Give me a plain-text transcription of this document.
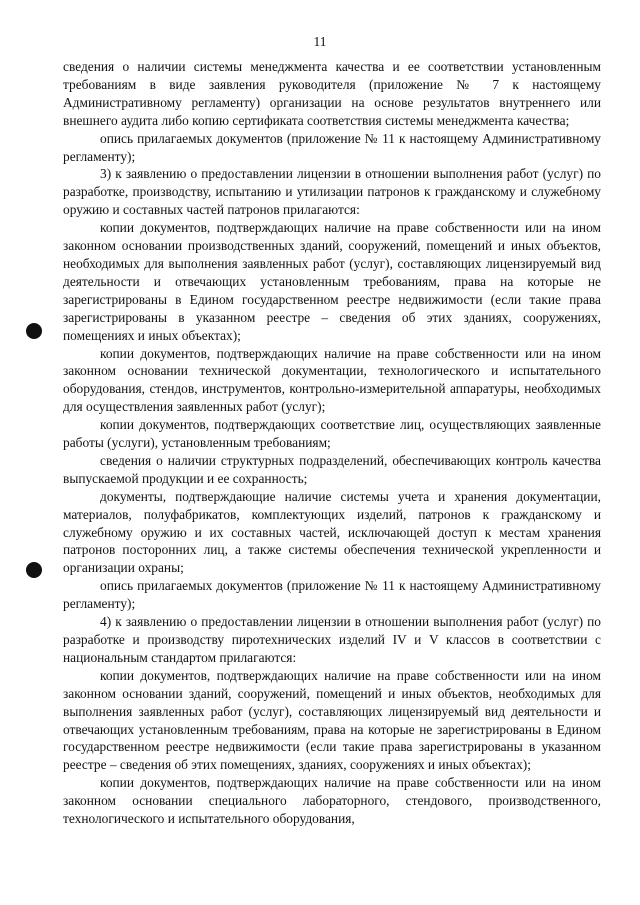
11

сведения о наличии системы менеджмента качества и ее соответствии установленным требованиям в виде заявления руководителя (приложение № 7 к настоящему Административному регламенту) организации на основе результатов внутреннего или внешнего аудита либо копию сертификата соответствия системы менеджмента качества;

опись прилагаемых документов (приложение № 11 к настоящему Административному регламенту);

3) к заявлению о предоставлении лицензии в отношении выполнения работ (услуг) по разработке, производству, испытанию и утилизации патронов к гражданскому и служебному оружию и составных частей патронов прилагаются:

копии документов, подтверждающих наличие на праве собственности или на ином законном основании производственных зданий, сооружений, помещений и иных объектов, необходимых для выполнения заявленных работ (услуг), составляющих лицензируемый вид деятельности и отвечающих установленным требованиям, права на которые не зарегистрированы в Едином государственном реестре недвижимости (если такие права зарегистрированы в указанном реестре – сведения об этих зданиях, сооружениях, помещениях и иных объектах);

копии документов, подтверждающих наличие на праве собственности или на ином законном основании технической документации, технологического и испытательного оборудования, стендов, инструментов, контрольно-измерительной аппаратуры, необходимых для осуществления заявленных работ (услуг);

копии документов, подтверждающих соответствие лиц, осуществляющих заявленные работы (услуги), установленным требованиям;

сведения о наличии структурных подразделений, обеспечивающих контроль качества выпускаемой продукции и ее сохранность;

документы, подтверждающие наличие системы учета и хранения документации, материалов, полуфабрикатов, комплектующих изделий, патронов к гражданскому и служебному оружию и их составных частей, исключающей доступ к местам хранения патронов посторонних лиц, а также системы обеспечения технической укрепленности и организации охраны;

опись прилагаемых документов (приложение № 11 к настоящему Административному регламенту);

4) к заявлению о предоставлении лицензии в отношении выполнения работ (услуг) по разработке и производству пиротехнических изделий IV и V классов в соответствии с национальным стандартом прилагаются:

копии документов, подтверждающих наличие на праве собственности или на ином законном основании зданий, сооружений, помещений и иных объектов, необходимых для выполнения заявленных работ (услуг), составляющих лицензируемый вид деятельности и отвечающих установленным требованиям, права на которые не зарегистрированы в Едином государственном реестре недвижимости (если такие права зарегистрированы в указанном реестре – сведения об этих помещениях, зданиях, сооружениях и иных объектах);

копии документов, подтверждающих наличие на праве собственности или на ином законном основании специального лабораторного, стендового, производственного, технологического и испытательного оборудования,
